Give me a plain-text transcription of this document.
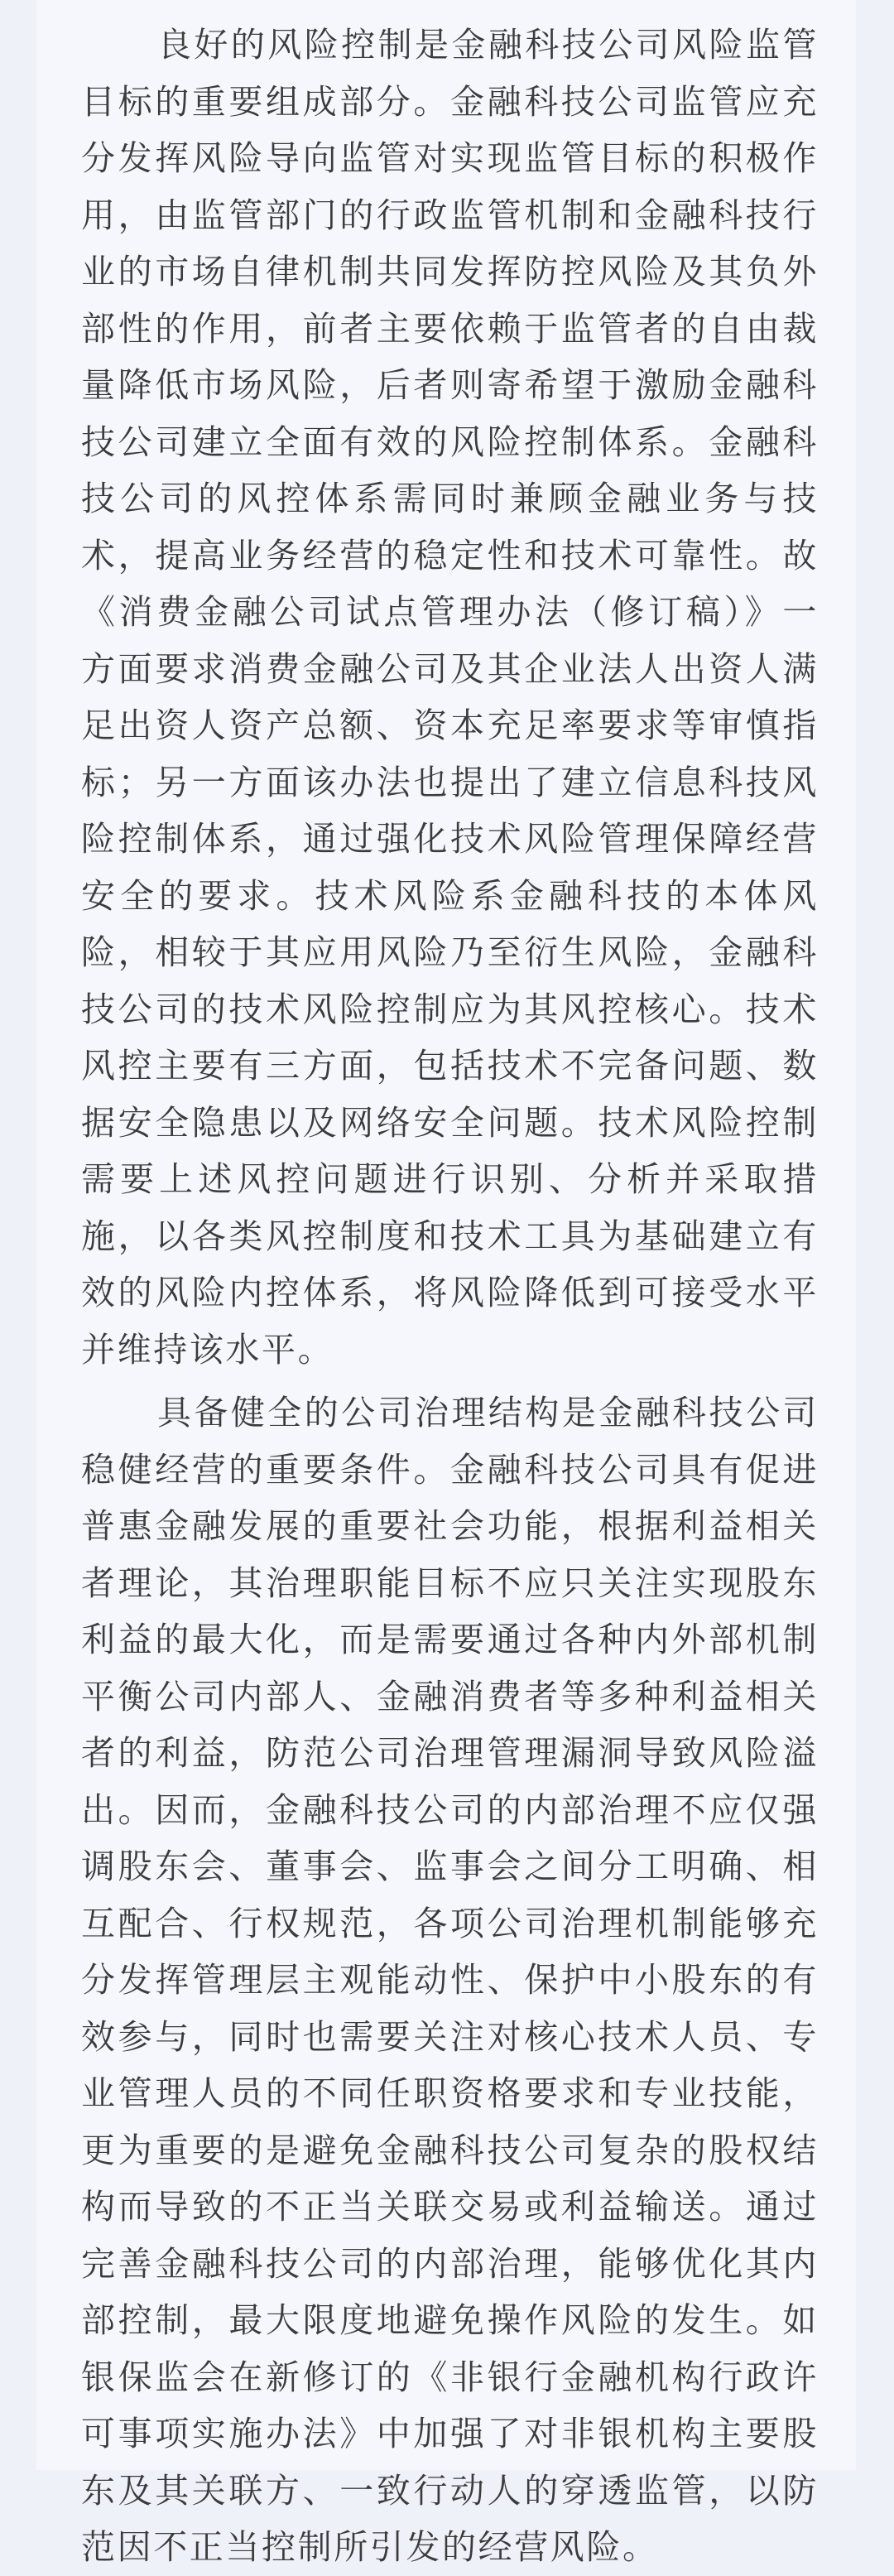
良好的风险控制是金融科技公司风险监管目标的重要组成部分。金融科技公司监管应充分发挥风险导向监管对实现监管目标的积极作用，由监管部门的行政监管机制和金融科技行业的市场自律机制共同发挥防控风险及其负外部性的作用，前者主要依赖于监管者的自由裁量降低市场风险，后者则寄希望于激励金融科技公司建立全面有效的风险控制体系。金融科技公司的风控体系需同时兼顾金融业务与技术，提高业务经营的稳定性和技术可靠性。故《消费金融公司试点管理办法（修订稿）》一方面要求消费金融公司及其企业法人出资人满足出资人资产总额、资本充足率要求等审慎指标；另一方面该办法也提出了建立信息科技风险控制体系，通过强化技术风险管理保障经营安全的要求。技术风险系金融科技的本体风险，相较于其应用风险乃至衍生风险，金融科技公司的技术风险控制应为其风控核心。技术风控主要有三方面，包括技术不完备问题、数据安全隐患以及网络安全问题。技术风险控制需要上述风控问题进行识别、分析并采取措施，以各类风控制度和技术工具为基础建立有效的风险内控体系，将风险降低到可接受水平并维持该水平。

具备健全的公司治理结构是金融科技公司稳健经营的重要条件。金融科技公司具有促进普惠金融发展的重要社会功能，根据利益相关者理论，其治理职能目标不应只关注实现股东利益的最大化，而是需要通过各种内外部机制平衡公司内部人、金融消费者等多种利益相关者的利益，防范公司治理管理漏洞导致风险溢出。因而，金融科技公司的内部治理不应仅强调股东会、董事会、监事会之间分工明确、相互配合、行权规范，各项公司治理机制能够充分发挥管理层主观能动性、保护中小股东的有效参与，同时也需要关注对核心技术人员、专业管理人员的不同任职资格要求和专业技能，更为重要的是避免金融科技公司复杂的股权结构而导致的不正当关联交易或利益输送。通过完善金融科技公司的内部治理，能够优化其内部控制，最大限度地避免操作风险的发生。如银保监会在新修订的《非银行金融机构行政许可事项实施办法》中加强了对非银机构主要股东及其关联方、一致行动人的穿透监管，以防范因不正当控制所引发的经营风险。
